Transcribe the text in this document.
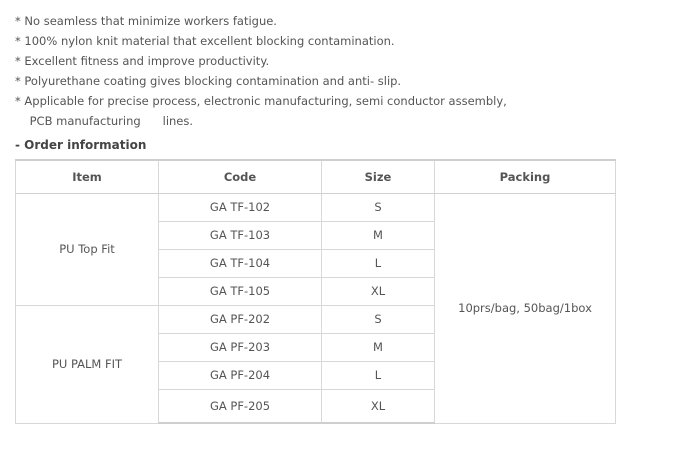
* No seamless that minimize workers fatigue.
* 100% nylon knit material that excellent blocking contamination.
* Excellent fitness and improve productivity.
* Polyurethane coating gives blocking contamination and anti- slip.
* Applicable for precise process, electronic manufacturing, semi conductor assembly,
PCB manufacturing      lines.
- Order information
Item	Code	Size	Packing
PU Top Fit	GA TF-102	S	10prs/bag, 50bag/1box
	GA TF-103	M	
	GA TF-104	L	
	GA TF-105	XL	
PU PALM FIT	GA PF-202	S	
	GA PF-203	M	
	GA PF-204	L	
	GA PF-205	XL	
